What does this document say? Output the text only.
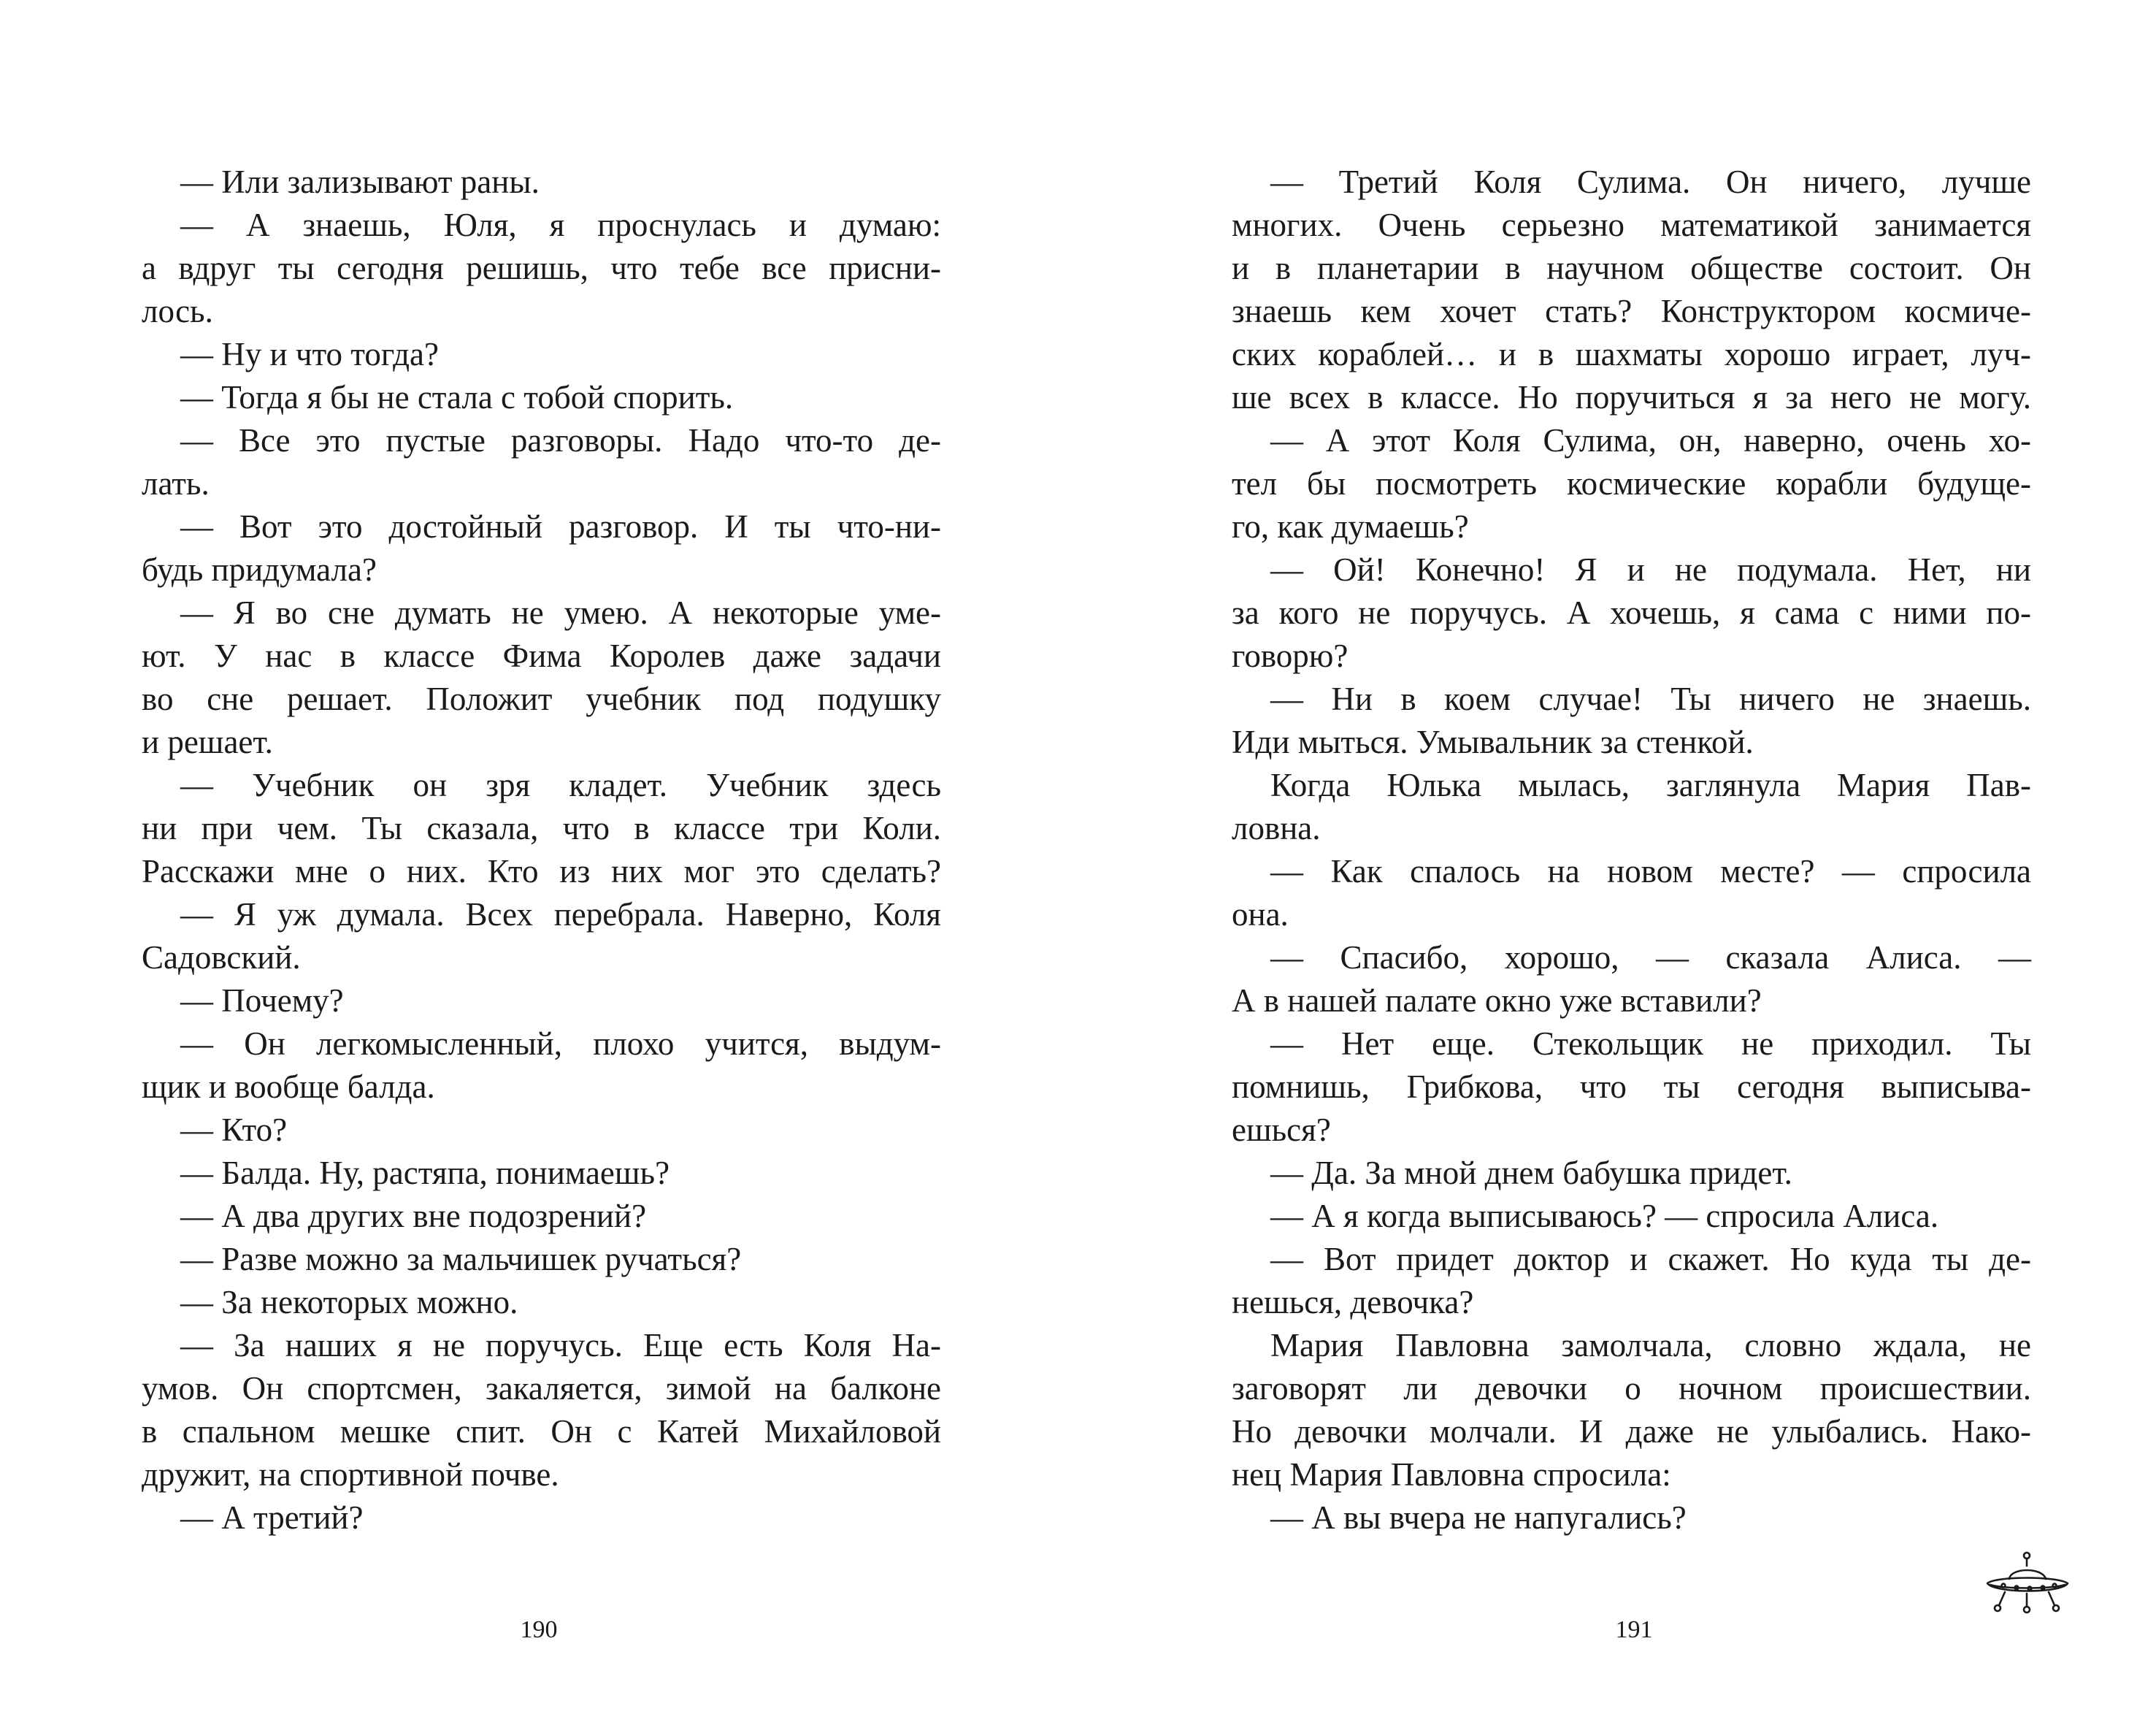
— Или зализывают раны.
— А знаешь, Юля, я проснулась и думаю:
а вдруг ты сегодня решишь, что тебе все присни-
лось.
— Ну и что тогда?
— Тогда я бы не стала с тобой спорить.
— Все это пустые разговоры. Надо что-то де-
лать.
— Вот это достойный разговор. И ты что-ни-
будь придумала?
— Я во сне думать не умею. А некоторые уме-
ют. У нас в классе Фима Королев даже задачи
во сне решает. Положит учебник под подушку
и решает.
— Учебник он зря кладет. Учебник здесь
ни при чем. Ты сказала, что в классе три Коли.
Расскажи мне о них. Кто из них мог это сделать?
— Я уж думала. Всех перебрала. Наверно, Коля
Садовский.
— Почему?
— Он легкомысленный, плохо учится, выдум-
щик и вообще балда.
— Кто?
— Балда. Ну, растяпа, понимаешь?
— А два других вне подозрений?
— Разве можно за мальчишек ручаться?
— За некоторых можно.
— За наших я не поручусь. Еще есть Коля На-
умов. Он спортсмен, закаляется, зимой на балконе
в спальном мешке спит. Он с Катей Михайловой
дружит, на спортивной почве.
— А третий?
190
— Третий Коля Сулима. Он ничего, лучше
многих. Очень серьезно математикой занимается
и в планетарии в научном обществе состоит. Он
знаешь кем хочет стать? Конструктором космиче-
ских кораблей… и в шахматы хорошо играет, луч-
ше всех в классе. Но поручиться я за него не могу.
— А этот Коля Сулима, он, наверно, очень хо-
тел бы посмотреть космические корабли будуще-
го, как думаешь?
— Ой! Конечно! Я и не подумала. Нет, ни
за кого не поручусь. А хочешь, я сама с ними по-
говорю?
— Ни в коем случае! Ты ничего не знаешь.
Иди мыться. Умывальник за стенкой.
Когда Юлька мылась, заглянула Мария Пав-
ловна.
— Как спалось на новом месте? — спросила
она.
— Спасибо, хорошо, — сказала Алиса. —
А в нашей палате окно уже вставили?
— Нет еще. Стекольщик не приходил. Ты
помнишь, Грибкова, что ты сегодня выписыва-
ешься?
— Да. За мной днем бабушка придет.
— А я когда выписываюсь? — спросила Алиса.
— Вот придет доктор и скажет. Но куда ты де-
нешься, девочка?
Мария Павловна замолчала, словно ждала, не
заговорят ли девочки о ночном происшествии.
Но девочки молчали. И даже не улыбались. Нако-
нец Мария Павловна спросила:
— А вы вчера не напугались?
191
